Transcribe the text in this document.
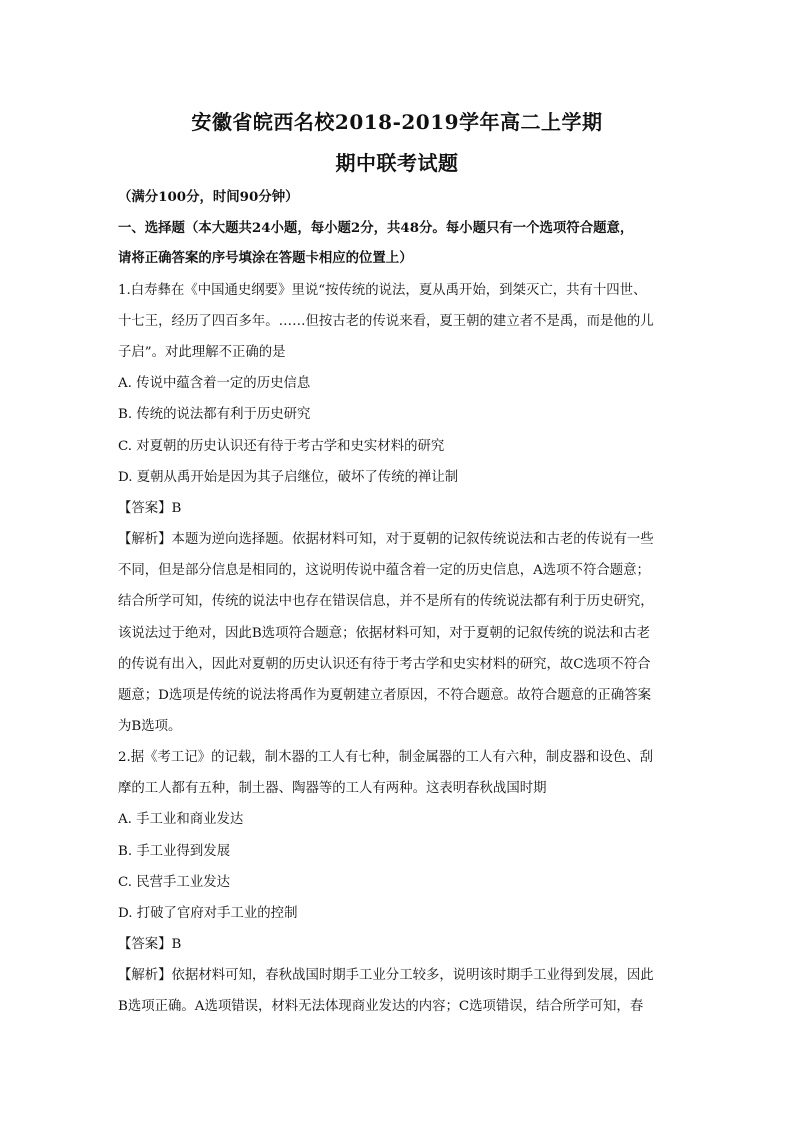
安徽省皖西名校2018-2019学年高二上学期
期中联考试题
（满分100分，时间90分钟）
一、选择题（本大题共24小题，每小题2分，共48分。每小题只有一个选项符合题意，
请将正确答案的序号填涂在答题卡相应的位置上）
1.白寿彝在《中国通史纲要》里说“按传统的说法，夏从禹开始，到桀灭亡，共有十四世、
十七王，经历了四百多年。……但按古老的传说来看，夏王朝的建立者不是禹，而是他的儿
子启”。对此理解不正确的是
A. 传说中蕴含着一定的历史信息
B. 传统的说法都有利于历史研究
C. 对夏朝的历史认识还有待于考古学和史实材料的研究
D. 夏朝从禹开始是因为其子启继位，破坏了传统的禅让制
【答案】B
【解析】本题为逆向选择题。依据材料可知，对于夏朝的记叙传统说法和古老的传说有一些
不同，但是部分信息是相同的，这说明传说中蕴含着一定的历史信息，A选项不符合题意；
结合所学可知，传统的说法中也存在错误信息，并不是所有的传统说法都有利于历史研究，
该说法过于绝对，因此B选项符合题意；依据材料可知，对于夏朝的记叙传统的说法和古老
的传说有出入，因此对夏朝的历史认识还有待于考古学和史实材料的研究，故C选项不符合
题意；D选项是传统的说法将禹作为夏朝建立者原因，不符合题意。故符合题意的正确答案
为B选项。
2.据《考工记》的记载，制木器的工人有七种，制金属器的工人有六种，制皮器和设色、刮
摩的工人都有五种，制土器、陶器等的工人有两种。这表明春秋战国时期
A. 手工业和商业发达
B. 手工业得到发展
C. 民营手工业发达
D. 打破了官府对手工业的控制
【答案】B
【解析】依据材料可知，春秋战国时期手工业分工较多，说明该时期手工业得到发展，因此
B选项正确。A选项错误，材料无法体现商业发达的内容；C选项错误，结合所学可知，春
